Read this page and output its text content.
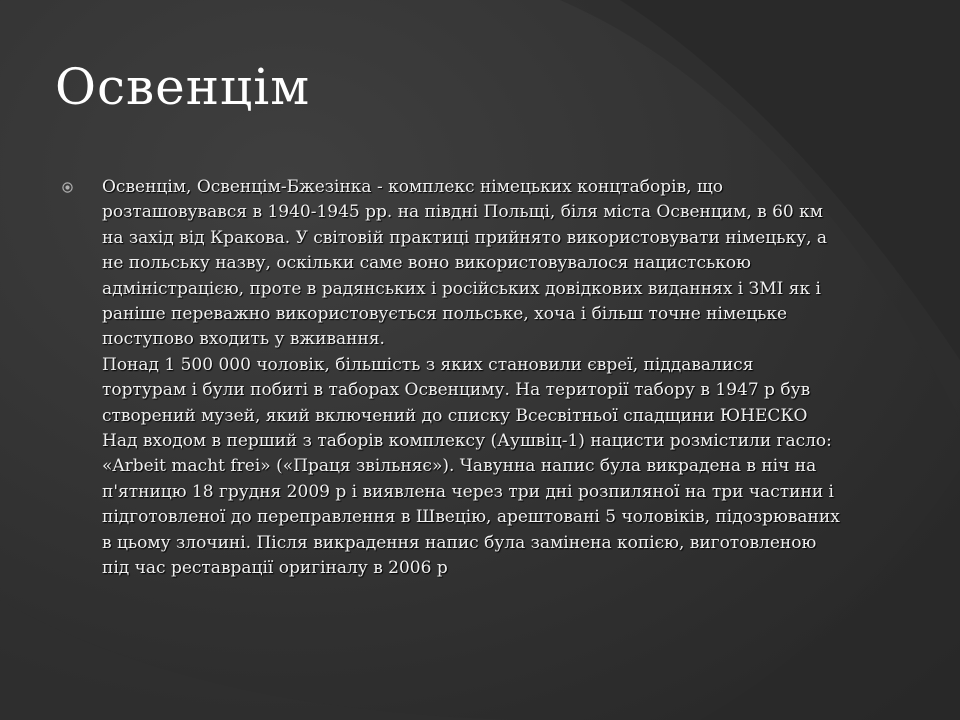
Освенцім

Освенцім, Освенцім-Бжезінка - комплекс німецьких концтаборів, що розташовувався в 1940-1945 рр. на півдні Польщі, біля міста Освенцим, в 60 км на захід від Кракова. У світовій практиці прийнято використовувати німецьку, а не польську назву, оскільки саме воно використовувалося нацистською адміністрацією, проте в радянських і російських довідкових виданнях і ЗМІ як і раніше переважно використовується польське, хоча і більш точне німецьке поступово входить у вживання.

Понад 1 500 000 чоловік, більшість з яких становили євреї, піддавалися тортурам і були побиті в таборах Освенциму. На території табору в 1947 р був створений музей, який включений до списку Всесвітньої спадщини ЮНЕСКО

Над входом в перший з таборів комплексу (Аушвіц-1) нацисти розмістили гасло: «Arbeit macht frei» («Праця звільняє»). Чавунна напис була викрадена в ніч на п'ятницю 18 грудня 2009 р і виявлена через три дні розпиляної на три частини і підготовленої до переправлення в Швецію, арештовані 5 чоловіків, підозрюваних в цьому злочині. Після викрадення напис була замінена копією, виготовленою під час реставрації оригіналу в 2006 р
